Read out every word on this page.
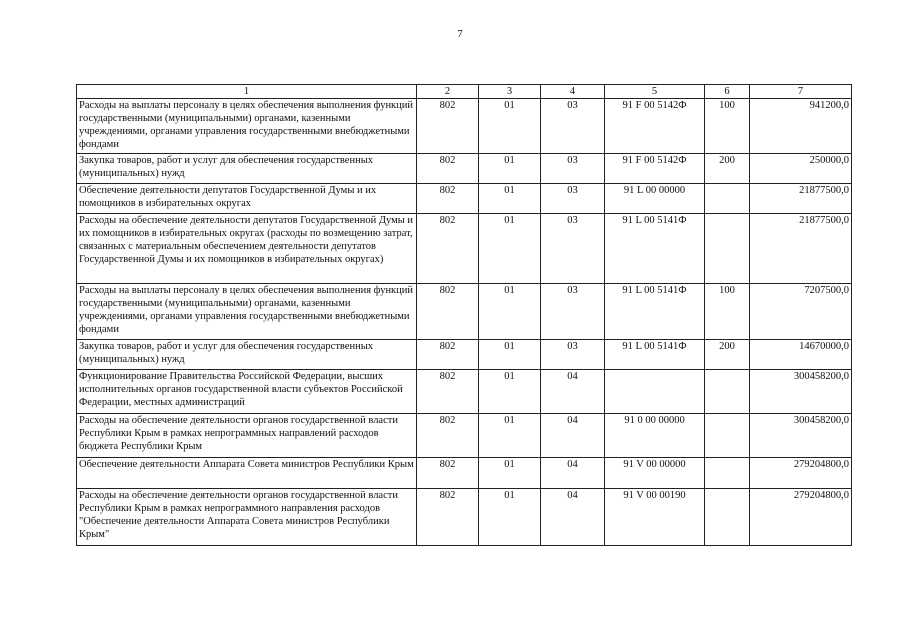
7
1	2	3	4	5	6	7
Расходы на выплаты персоналу в целях обеспечения выполнения функций государственными (муниципальными) органами, казенными учреждениями, органами управления государственными внебюджетными фондами	802	01	03	91 F 00 5142Ф	100	941200,0
Закупка товаров, работ и услуг для обеспечения государственных (муниципальных) нужд	802	01	03	91 F 00 5142Ф	200	250000,0
Обеспечение деятельности депутатов Государственной Думы и их помощников в избирательных округах	802	01	03	91 L 00 00000		21877500,0
Расходы на обеспечение деятельности депутатов Государственной Думы и их помощников в избирательных округах (расходы по возмещению затрат, связанных с материальным обеспечением деятельности депутатов Государственной Думы и их помощников в избирательных округах)	802	01	03	91 L 00 5141Ф		21877500,0
Расходы на выплаты персоналу в целях обеспечения выполнения функций государственными (муниципальными) органами, казенными учреждениями, органами управления государственными внебюджетными фондами	802	01	03	91 L 00 5141Ф	100	7207500,0
Закупка товаров, работ и услуг для обеспечения государственных (муниципальных) нужд	802	01	03	91 L 00 5141Ф	200	14670000,0
Функционирование Правительства Российской Федерации, высших исполнительных органов государственной власти субъектов Российской Федерации, местных администраций	802	01	04			300458200,0
Расходы на обеспечение деятельности органов государственной власти Республики Крым в рамках непрограммных направлений расходов бюджета Республики Крым	802	01	04	91 0 00 00000		300458200,0
Обеспечение деятельности Аппарата Совета министров Республики Крым	802	01	04	91 V 00 00000		279204800,0
Расходы на обеспечение деятельности органов государственной власти Республики Крым в рамках непрограммного направления расходов "Обеспечение деятельности Аппарата Совета министров Республики Крым"	802	01	04	91 V 00 00190		279204800,0
